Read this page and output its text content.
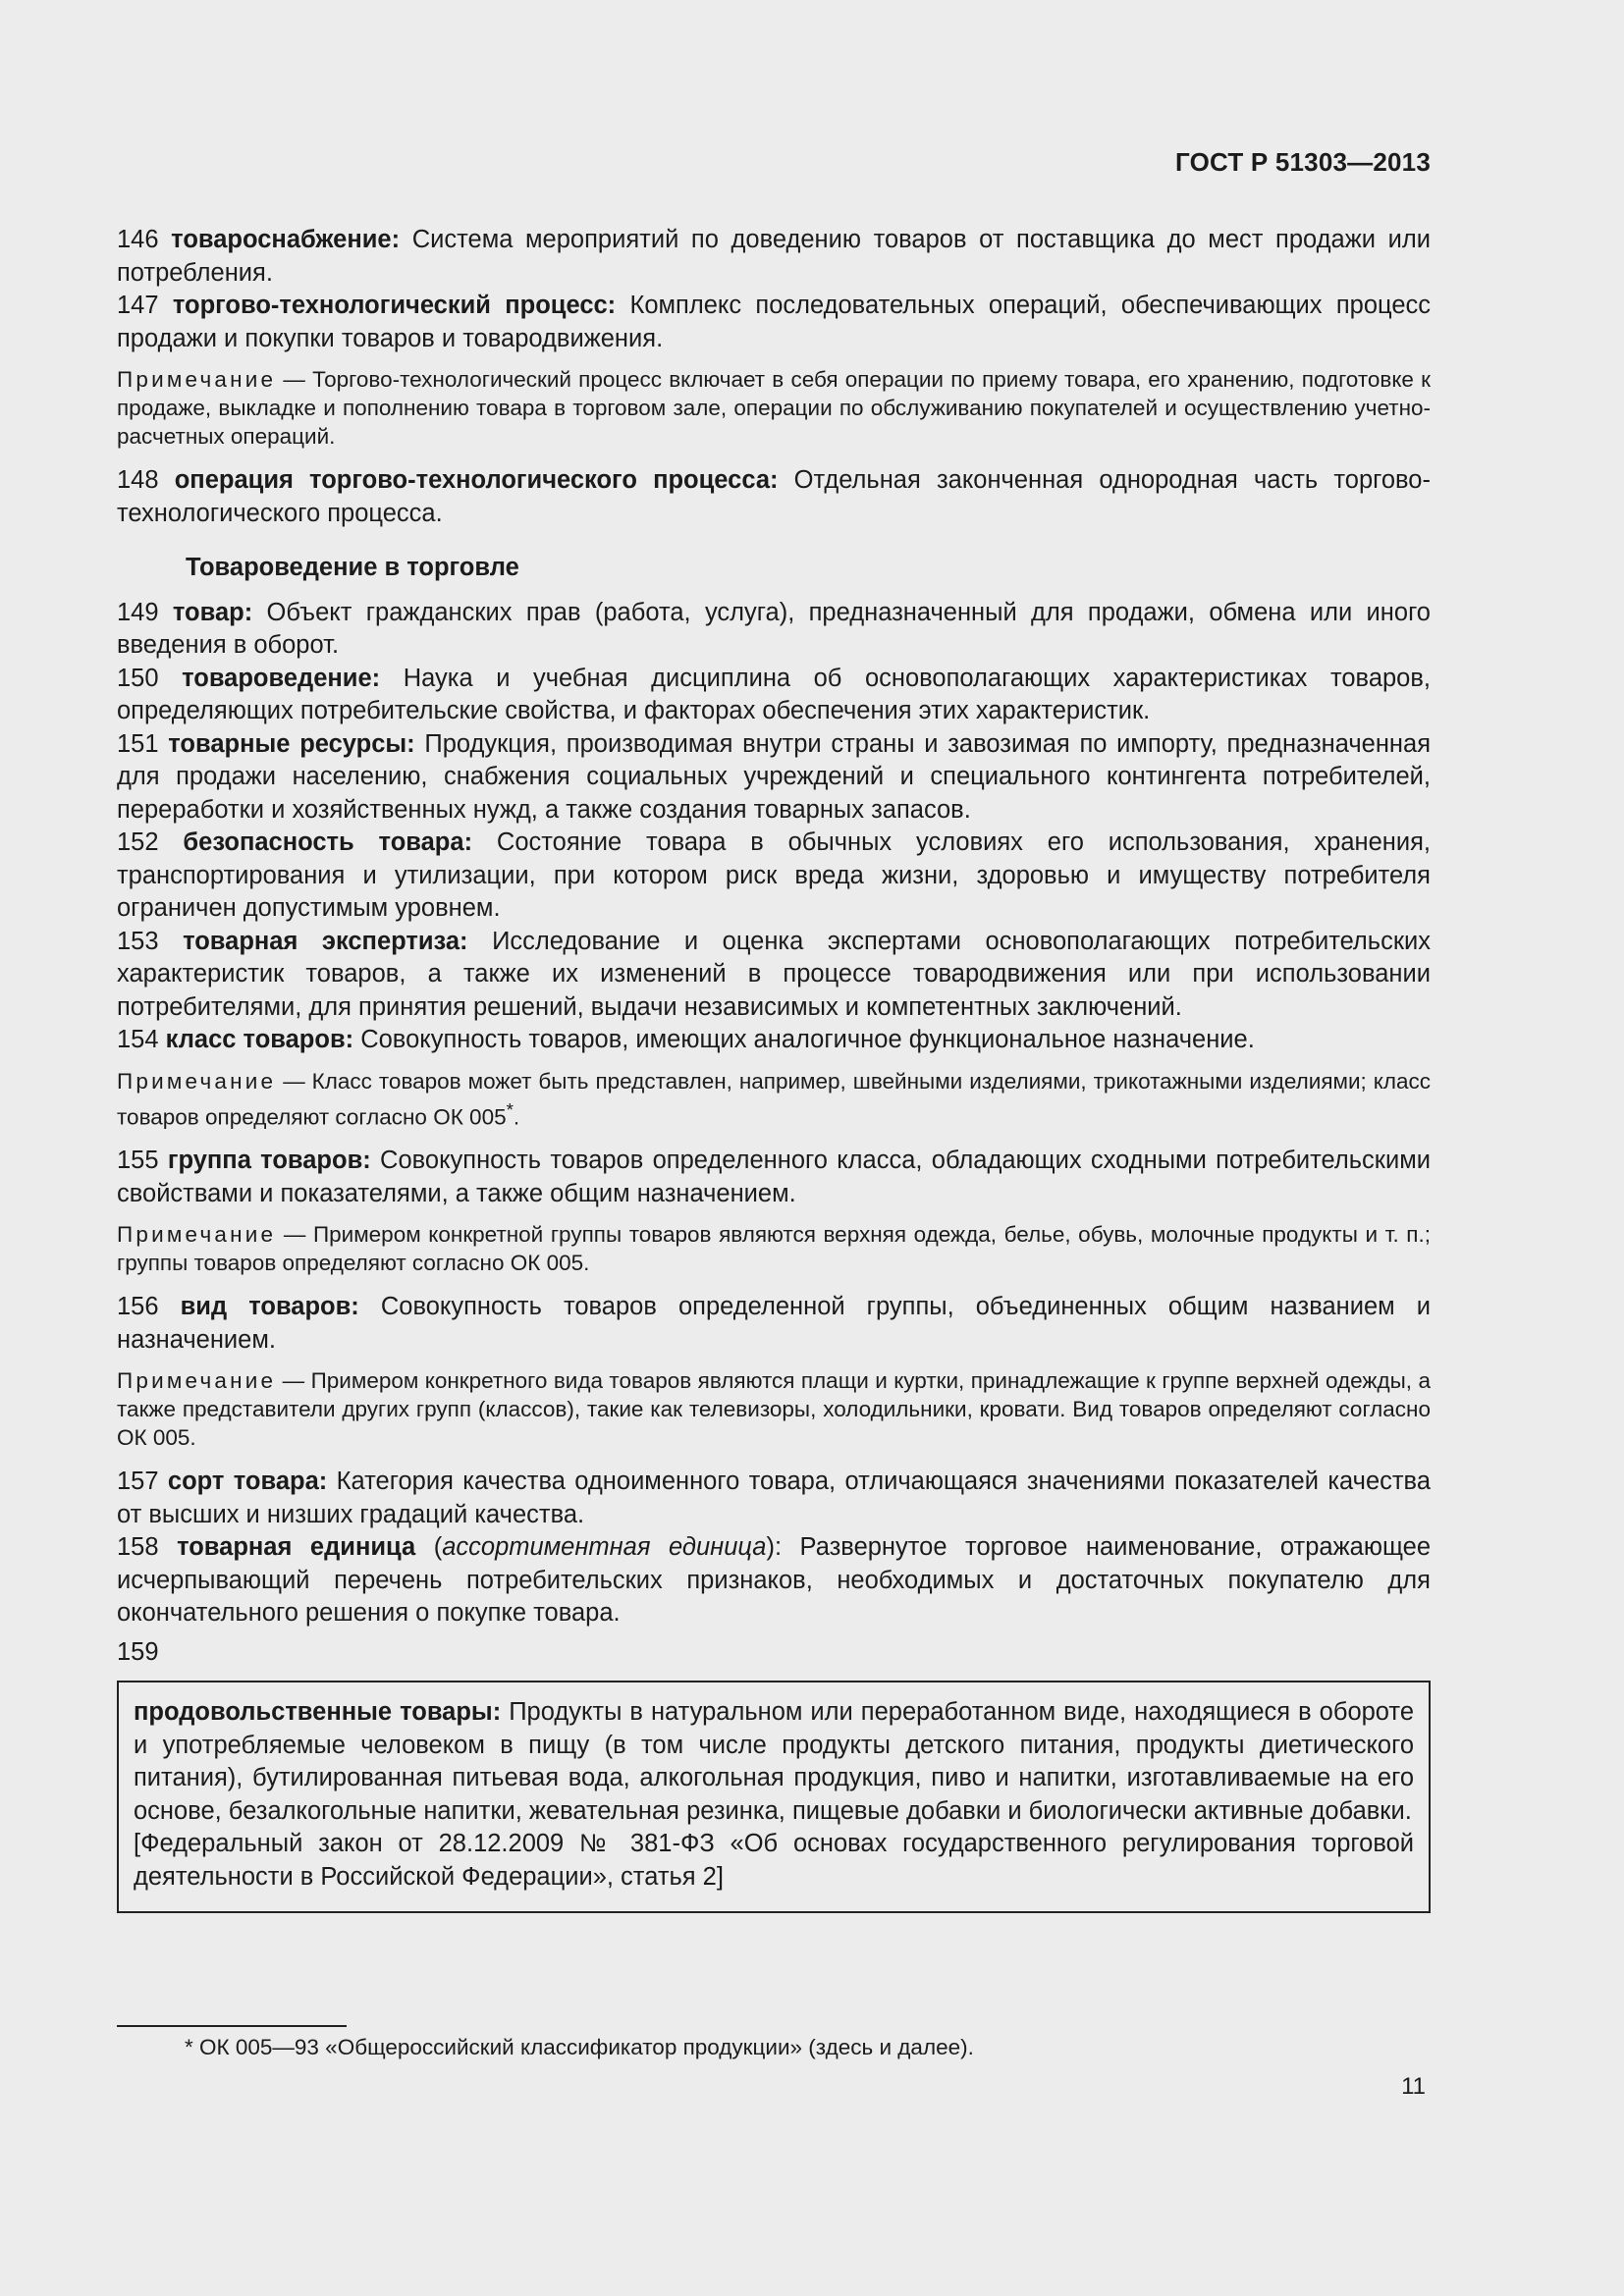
ГОСТ Р 51303—2013

146 товароснабжение: Система мероприятий по доведению товаров от поставщика до мест продажи или потребления.

147 торгово-технологический процесс: Комплекс последовательных операций, обеспечивающих процесс продажи и покупки товаров и товародвижения.

Примечание — Торгово-технологический процесс включает в себя операции по приему товара, его хранению, подготовке к продаже, выкладке и пополнению товара в торговом зале, операции по обслуживанию покупателей и осуществлению учетно-расчетных операций.

148 операция торгово-технологического процесса: Отдельная законченная однородная часть торгово-технологического процесса.

Товароведение в торговле

149 товар: Объект гражданских прав (работа, услуга), предназначенный для продажи, обмена или иного введения в оборот.

150 товароведение: Наука и учебная дисциплина об основополагающих характеристиках товаров, определяющих потребительские свойства, и факторах обеспечения этих характеристик.

151 товарные ресурсы: Продукция, производимая внутри страны и завозимая по импорту, предназначенная для продажи населению, снабжения социальных учреждений и специального контингента потребителей, переработки и хозяйственных нужд, а также создания товарных запасов.

152 безопасность товара: Состояние товара в обычных условиях его использования, хранения, транспортирования и утилизации, при котором риск вреда жизни, здоровью и имуществу потребителя ограничен допустимым уровнем.

153 товарная экспертиза: Исследование и оценка экспертами основополагающих потребительских характеристик товаров, а также их изменений в процессе товародвижения или при использовании потребителями, для принятия решений, выдачи независимых и компетентных заключений.

154 класс товаров: Совокупность товаров, имеющих аналогичное функциональное назначение.

Примечание — Класс товаров может быть представлен, например, швейными изделиями, трикотажными изделиями; класс товаров определяют согласно ОК 005*.

155 группа товаров: Совокупность товаров определенного класса, обладающих сходными потребительскими свойствами и показателями, а также общим назначением.

Примечание — Примером конкретной группы товаров являются верхняя одежда, белье, обувь, молочные продукты и т. п.; группы товаров определяют согласно ОК 005.

156 вид товаров: Совокупность товаров определенной группы, объединенных общим названием и назначением.

Примечание — Примером конкретного вида товаров являются плащи и куртки, принадлежащие к группе верхней одежды, а также представители других групп (классов), такие как телевизоры, холодильники, кровати. Вид товаров определяют согласно ОК 005.

157 сорт товара: Категория качества одноименного товара, отличающаяся значениями показателей качества от высших и низших градаций качества.

158 товарная единица (ассортиментная единица): Развернутое торговое наименование, отражающее исчерпывающий перечень потребительских признаков, необходимых и достаточных покупателю для окончательного решения о покупке товара.

159

продовольственные товары: Продукты в натуральном или переработанном виде, находящиеся в обороте и употребляемые человеком в пищу (в том числе продукты детского питания, продукты диетического питания), бутилированная питьевая вода, алкогольная продукция, пиво и напитки, изготавливаемые на его основе, безалкогольные напитки, жевательная резинка, пищевые добавки и биологически активные добавки.

[Федеральный закон от 28.12.2009 № 381-ФЗ «Об основах государственного регулирования торговой деятельности в Российской Федерации», статья 2]

* ОК 005—93 «Общероссийский классификатор продукции» (здесь и далее).
11
